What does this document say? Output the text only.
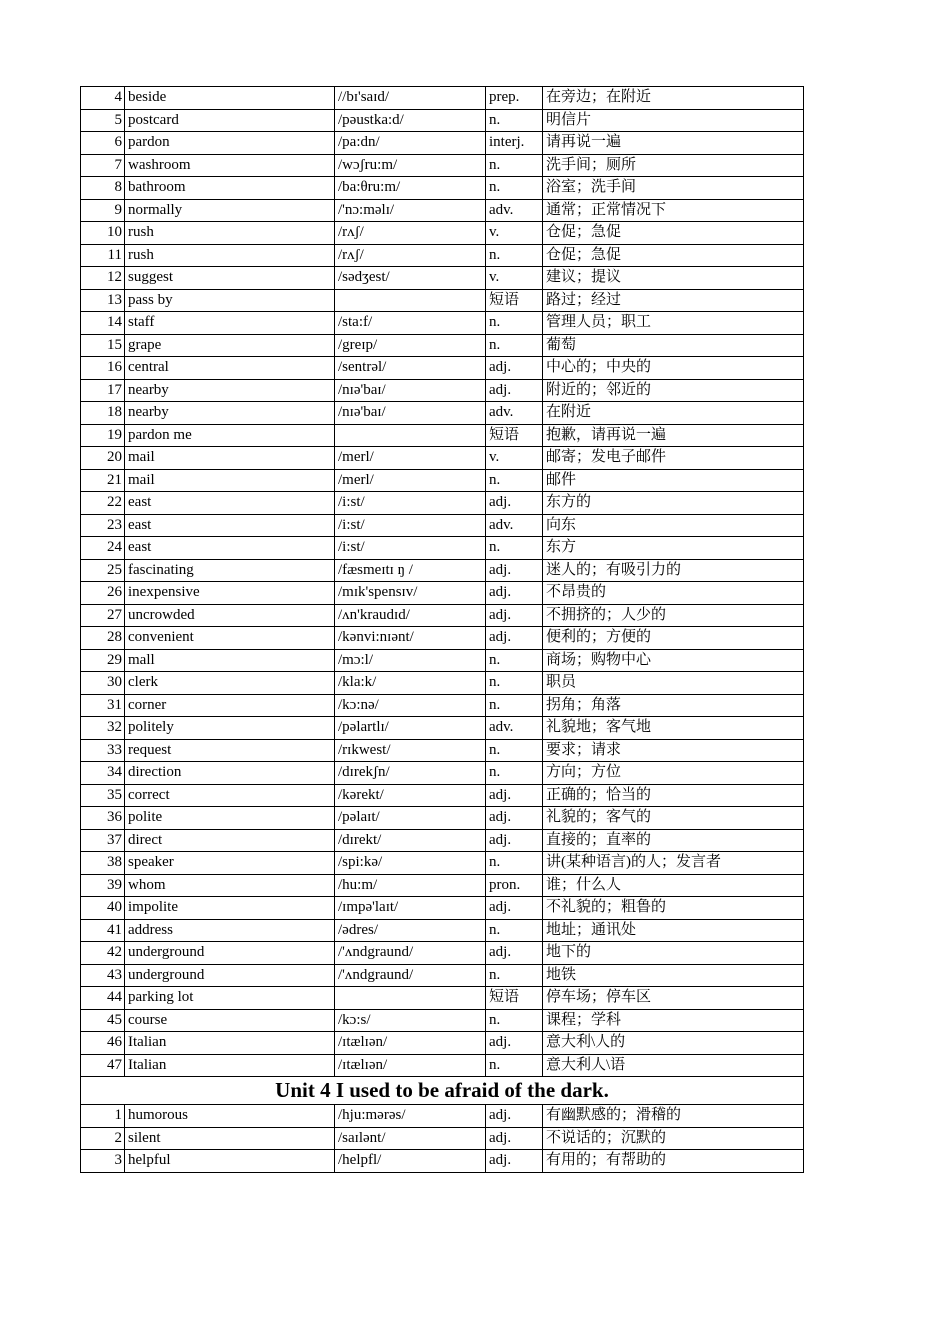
4	beside	//bɪ'saɪd/	prep.	在旁边；在附近
5	postcard	/pəustka:d/	n.	明信片
6	pardon	/pa:dn/	interj.	请再说一遍
7	washroom	/wɔʃru:m/	n.	洗手间；厕所
8	bathroom	/ba:θru:m/	n.	浴室；洗手间
9	normally	/'nɔ:məlɪ/	adv.	通常；正常情况下
10	rush	/rʌʃ/	v.	仓促；急促
11	rush	/rʌʃ/	n.	仓促；急促
12	suggest	/sədʒest/	v.	建议；提议
13	pass by		短语	路过；经过
14	staff	/sta:f/	n.	管理人员；职工
15	grape	/greɪp/	n.	葡萄
16	central	/sentrəl/	adj.	中心的；中央的
17	nearby	/nɪə'baɪ/	adj.	附近的；邻近的
18	nearby	/nɪə'baɪ/	adv.	在附近
19	pardon me		短语	抱歉，请再说一遍
20	mail	/merl/	v.	邮寄；发电子邮件
21	mail	/merl/	n.	邮件
22	east	/i:st/	adj.	东方的
23	east	/i:st/	adv.	向东
24	east	/i:st/	n.	东方
25	fascinating	/fæsmeɪtɪ ŋ /	adj.	迷人的；有吸引力的
26	inexpensive	/mɪk'spensɪv/	adj.	不昂贵的
27	uncrowded	/ʌn'kraudɪd/	adj.	不拥挤的；人少的
28	convenient	/kənvi:nɪənt/	adj.	便利的；方便的
29	mall	/mɔ:l/	n.	商场；购物中心
30	clerk	/kla:k/	n.	职员
31	corner	/kɔ:nə/	n.	拐角；角落
32	politely	/pəlartlɪ/	adv.	礼貌地；客气地
33	request	/rɪkwest/	n.	要求；请求
34	direction	/dɪrekʃn/	n.	方向；方位
35	correct	/kərekt/	adj.	正确的；恰当的
36	polite	/pəlaɪt/	adj.	礼貌的；客气的
37	direct	/dɪrekt/	adj.	直接的；直率的
38	speaker	/spi:kə/	n.	讲(某种语言)的人；发言者
39	whom	/hu:m/	pron.	谁；什么人
40	impolite	/ɪmpə'laɪt/	adj.	不礼貌的；粗鲁的
41	address	/ədres/	n.	地址；通讯处
42	underground	/'ʌndgraund/	adj.	地下的
43	underground	/'ʌndgraund/	n.	地铁
44	parking lot		短语	停车场；停车区
45	course	/kɔ:s/	n.	课程；学科
46	Italian	/ɪtælɪən/	adj.	意大利\人的
47	Italian	/ɪtælɪən/	n.	意大利人\语
Unit 4 I used to be afraid of the dark.				
1	humorous	/hju:mərəs/	adj.	有幽默感的；滑稽的
2	silent	/saɪlənt/	adj.	不说话的；沉默的
3	helpful	/helpfl/	adj.	有用的；有帮助的
